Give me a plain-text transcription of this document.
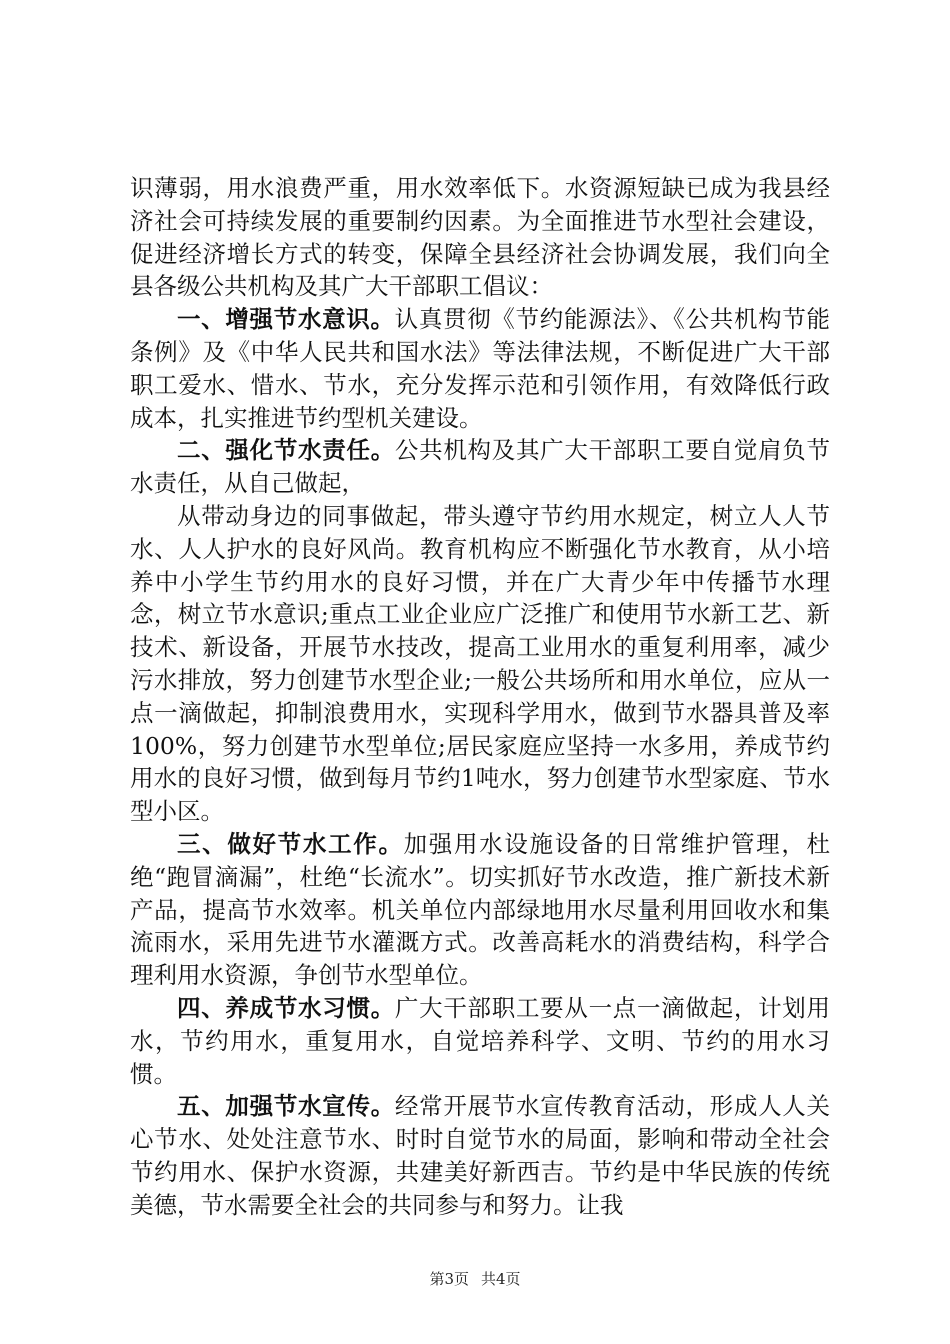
识薄弱，用水浪费严重，用水效率低下。水资源短缺已成为我县经济社会可持续发展的重要制约因素。为全面推进节水型社会建设，促进经济增长方式的转变，保障全县经济社会协调发展，我们向全县各级公共机构及其广大干部职工倡议：

一、增强节水意识。认真贯彻《节约能源法》、《公共机构节能条例》及《中华人民共和国水法》等法律法规，不断促进广大干部职工爱水、惜水、节水，充分发挥示范和引领作用，有效降低行政成本，扎实推进节约型机关建设。

二、强化节水责任。公共机构及其广大干部职工要自觉肩负节水责任，从自己做起，

从带动身边的同事做起，带头遵守节约用水规定，树立人人节水、人人护水的良好风尚。教育机构应不断强化节水教育，从小培养中小学生节约用水的良好习惯，并在广大青少年中传播节水理念，树立节水意识;重点工业企业应广泛推广和使用节水新工艺、新技术、新设备，开展节水技改，提高工业用水的重复利用率，减少污水排放，努力创建节水型企业;一般公共场所和用水单位，应从一点一滴做起，抑制浪费用水，实现科学用水，做到节水器具普及率100%，努力创建节水型单位;居民家庭应坚持一水多用，养成节约用水的良好习惯，做到每月节约1吨水，努力创建节水型家庭、节水型小区。

三、做好节水工作。加强用水设施设备的日常维护管理，杜绝“跑冒滴漏”，杜绝“长流水”。切实抓好节水改造，推广新技术新产品，提高节水效率。机关单位内部绿地用水尽量利用回收水和集流雨水，采用先进节水灌溉方式。改善高耗水的消费结构，科学合理利用水资源，争创节水型单位。

四、养成节水习惯。广大干部职工要从一点一滴做起，计划用水，节约用水，重复用水，自觉培养科学、文明、节约的用水习惯。

五、加强节水宣传。经常开展节水宣传教育活动，形成人人关心节水、处处注意节水、时时自觉节水的局面，影响和带动全社会节约用水、保护水资源，共建美好新西吉。节约是中华民族的传统美德，节水需要全社会的共同参与和努力。让我

第3页 共4页
